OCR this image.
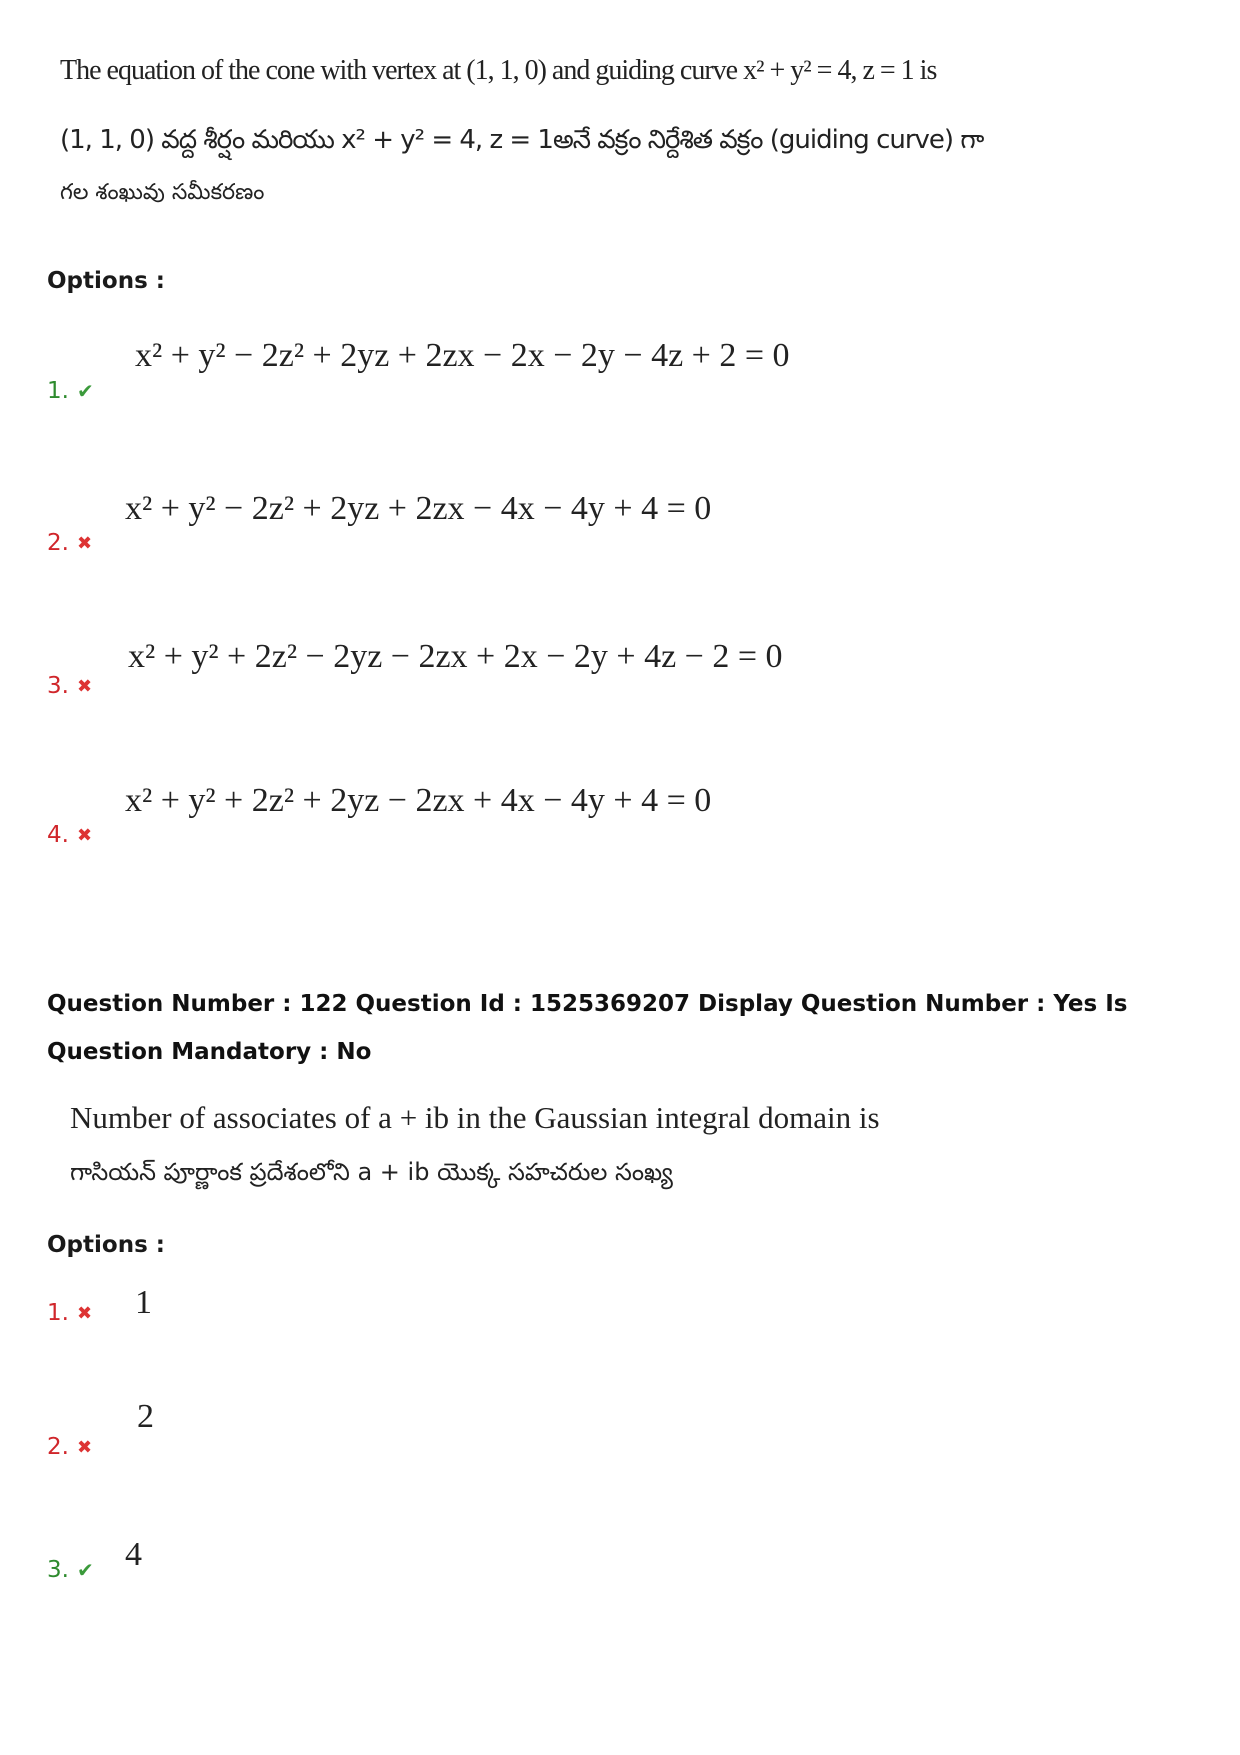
The equation of the cone with vertex at (1, 1, 0) and guiding curve x² + y² = 4, z = 1 is
(1, 1, 0) వద్ద శీర్షం మరియు x² + y² = 4, z = 1అనే వక్రం నిర్దేశిత వక్రం (guiding curve) గా
గల శంఖువు సమీకరణం
Options :
1. ✔
x² + y² − 2z² + 2yz + 2zx − 2x − 2y − 4z + 2 = 0
2. ✖
x² + y² − 2z² + 2yz + 2zx − 4x − 4y + 4 = 0
3. ✖
x² + y² + 2z² − 2yz − 2zx + 2x − 2y + 4z − 2 = 0
4. ✖
x² + y² + 2z² + 2yz − 2zx + 4x − 4y + 4 = 0
Question Number : 122 Question Id : 1525369207 Display Question Number : Yes Is Question Mandatory : No
Number of associates of a + ib in the Gaussian integral domain is
గాసియన్ పూర్ణాంక ప్రదేశంలోని a + ib యొక్క సహచరుల సంఖ్య
Options :
1. ✖ 1
2. ✖
2
3. ✔ 4
